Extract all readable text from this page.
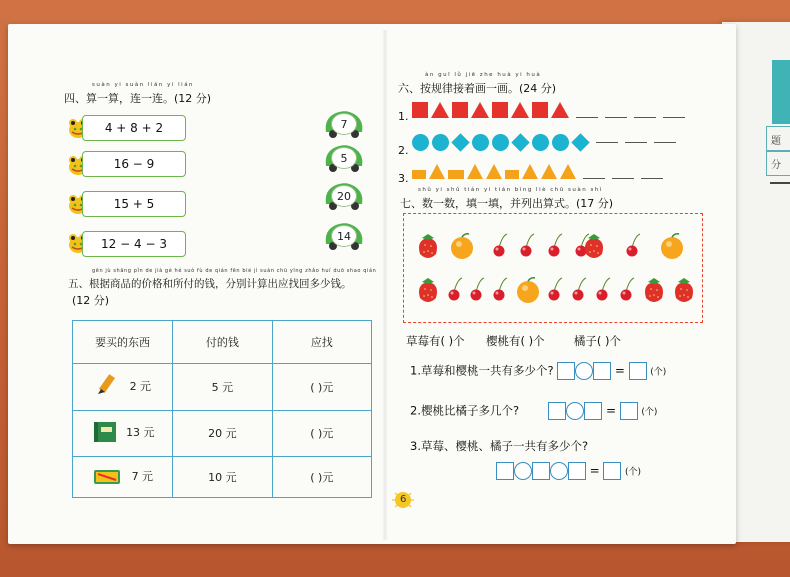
题
分
suàn yi suàn lián yi lián
四、算一算，连一连。(12 分)
4 + 8 + 2
16 − 9
15 + 5
12 − 4 − 3
7
5
20
14
gēn jù shāng pǐn de jià gé hé suǒ fù de qián fēn bié jì suàn chū yīng zhǎo huí duō shao qián
五、根据商品的价格和所付的钱，分别计算出应找回多少钱。
(12 分)
要买的东西	付的钱	应找
2 元	5 元	( )元
13 元	20 元	( )元
7 元	10 元	( )元
àn guī lǜ jiē zhe huà yi huà
六、按规律接着画一画。(24 分)
1.
2.
3.
shǔ yi shǔ tián yi tián bìng liè chū suàn shì
七、数一数，填一填，并列出算式。(17 分)
草莓有( )个 樱桃有( )个	橘子( )个
1.草莓和樱桃一共有多少个?	=	(个)
2.樱桃比橘子多几个?	=	(个)
3.草莓、樱桃、橘子一共有多少个?
=	(个)
6
